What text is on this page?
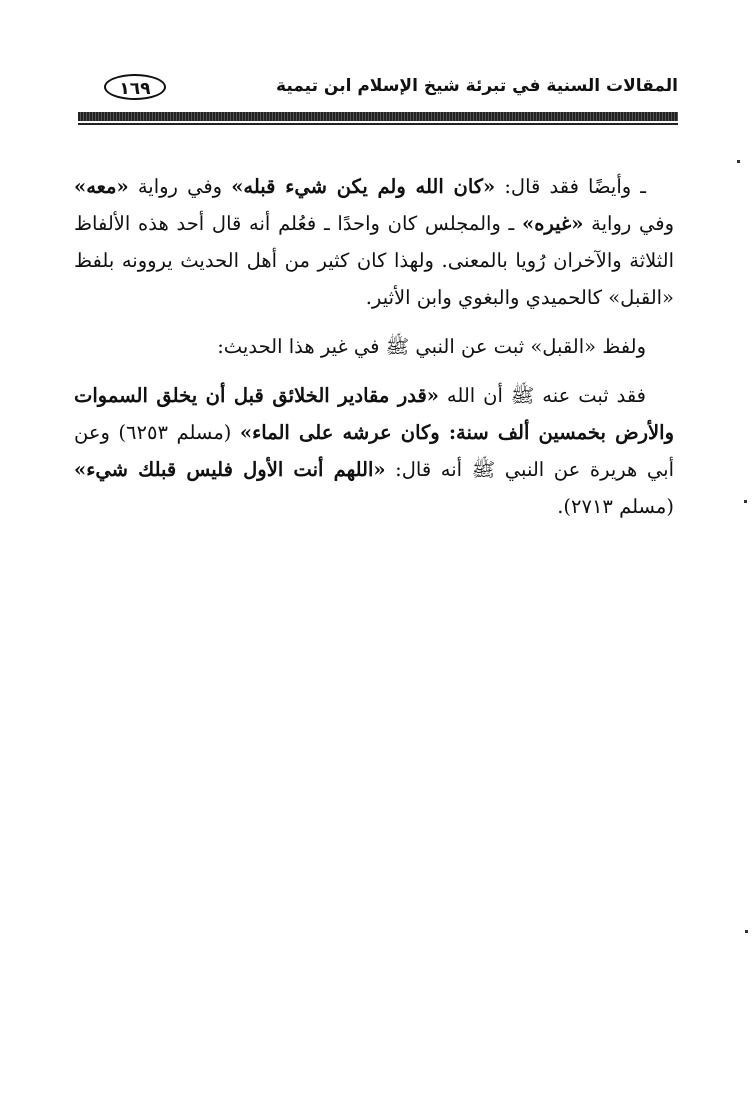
المقالات السنية في تبرئة شيخ الإسلام ابن تيمية
١٦٩

ـ وأيضًا فقد قال: «كان الله ولم يكن شيء قبله» وفي رواية «معه» وفي رواية «غيره» ـ والمجلس كان واحدًا ـ فعُلم أنه قال أحد هذه الألفاظ الثلاثة والآخران رُويا بالمعنى. ولهذا كان كثير من أهل الحديث يروونه بلفظ «القبل» كالحميدي والبغوي وابن الأثير.

ولفظ «القبل» ثبت عن النبي ﷺ في غير هذا الحديث:

فقد ثبت عنه ﷺ أن الله «قدر مقادير الخلائق قبل أن يخلق السموات والأرض بخمسين ألف سنة: وكان عرشه على الماء» (مسلم ٦٢٥٣) وعن أبي هريرة عن النبي ﷺ أنه قال: «اللهم أنت الأول فليس قبلك شيء» (مسلم ٢٧١٣).
